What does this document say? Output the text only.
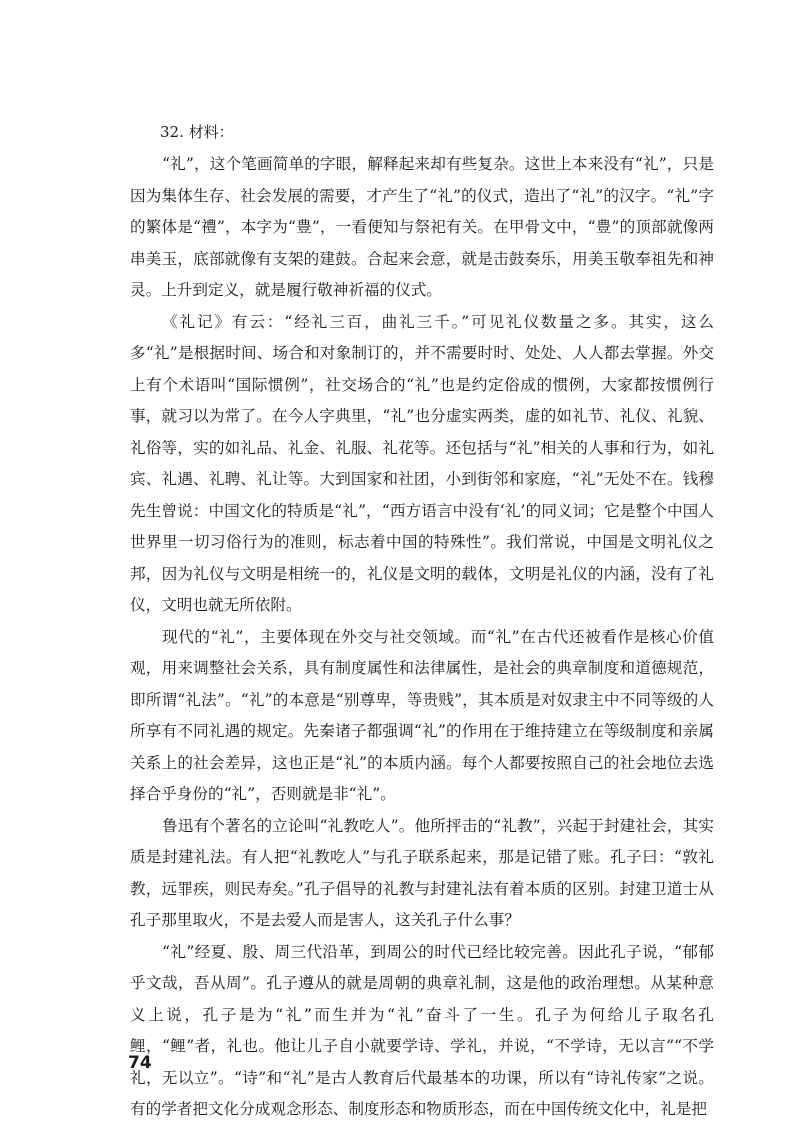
32. 材料：

“礼”，这个笔画简单的字眼，解释起来却有些复杂。这世上本来没有“礼”，只是因为集体生存、社会发展的需要，才产生了“礼”的仪式，造出了“礼”的汉字。“礼”字的繁体是“禮”，本字为“豊”，一看便知与祭祀有关。在甲骨文中，“豊”的顶部就像两串美玉，底部就像有支架的建鼓。合起来会意，就是击鼓奏乐，用美玉敬奉祖先和神灵。上升到定义，就是履行敬神祈福的仪式。

《礼记》有云：“经礼三百，曲礼三千。”可见礼仪数量之多。其实，这么多“礼”是根据时间、场合和对象制订的，并不需要时时、处处、人人都去掌握。外交上有个术语叫“国际惯例”，社交场合的“礼”也是约定俗成的惯例，大家都按惯例行事，就习以为常了。在今人字典里，“礼”也分虚实两类，虚的如礼节、礼仪、礼貌、礼俗等，实的如礼品、礼金、礼服、礼花等。还包括与“礼”相关的人事和行为，如礼宾、礼遇、礼聘、礼让等。大到国家和社团，小到街邻和家庭，“礼”无处不在。钱穆先生曾说：中国文化的特质是“礼”，“西方语言中没有‘礼’的同义词；它是整个中国人世界里一切习俗行为的准则，标志着中国的特殊性”。我们常说，中国是文明礼仪之邦，因为礼仪与文明是相统一的，礼仪是文明的载体，文明是礼仪的内涵，没有了礼仪，文明也就无所依附。

现代的“礼”，主要体现在外交与社交领域。而“礼”在古代还被看作是核心价值观，用来调整社会关系，具有制度属性和法律属性，是社会的典章制度和道德规范，即所谓“礼法”。“礼”的本意是“别尊卑，等贵贱”，其本质是对奴隶主中不同等级的人所享有不同礼遇的规定。先秦诸子都强调“礼”的作用在于维持建立在等级制度和亲属关系上的社会差异，这也正是“礼”的本质内涵。每个人都要按照自己的社会地位去选择合乎身份的“礼”，否则就是非“礼”。

鲁迅有个著名的立论叫“礼教吃人”。他所抨击的“礼教”，兴起于封建社会，其实质是封建礼法。有人把“礼教吃人”与孔子联系起来，那是记错了账。孔子曰：“敦礼教，远罪疾，则民寿矣。”孔子倡导的礼教与封建礼法有着本质的区别。封建卫道士从孔子那里取火，不是去爱人而是害人，这关孔子什么事？

“礼”经夏、殷、周三代沿革，到周公的时代已经比较完善。因此孔子说，“郁郁乎文哉，吾从周”。孔子遵从的就是周朝的典章礼制，这是他的政治理想。从某种意义上说，孔子是为“礼”而生并为“礼”奋斗了一生。孔子为何给儿子取名孔鲤，“鲤”者，礼也。他让儿子自小就要学诗、学礼，并说，“不学诗，无以言”“不学礼，无以立”。“诗”和“礼”是古人教育后代最基本的功课，所以有“诗礼传家”之说。有的学者把文化分成观念形态、制度形态和物质形态，而在中国传统文化中，礼是把

74
